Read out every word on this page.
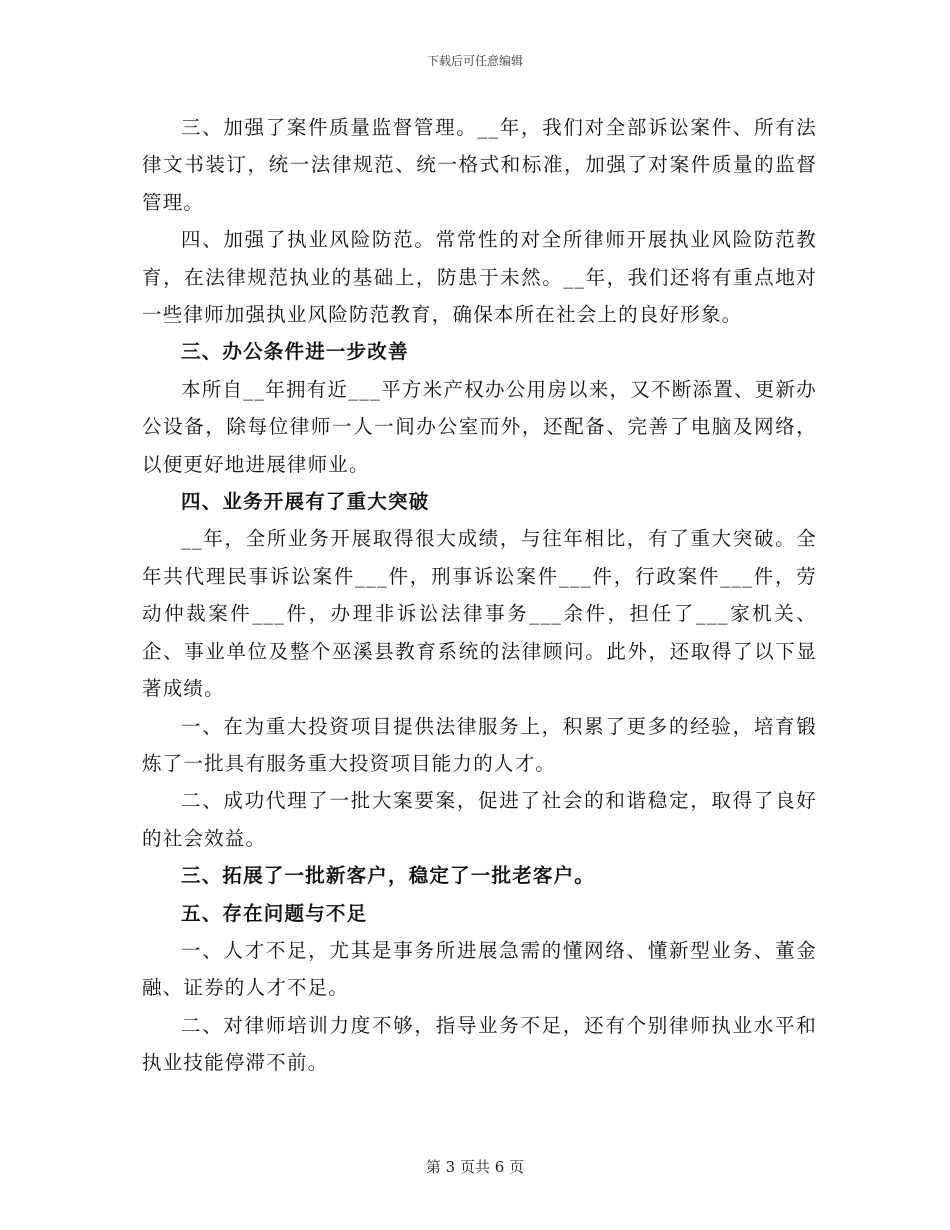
下载后可任意编辑

三、加强了案件质量监督管理。__年，我们对全部诉讼案件、所有法律文书装订，统一法律规范、统一格式和标准，加强了对案件质量的监督管理。

四、加强了执业风险防范。常常性的对全所律师开展执业风险防范教育，在法律规范执业的基础上，防患于未然。__年，我们还将有重点地对一些律师加强执业风险防范教育，确保本所在社会上的良好形象。

三、办公条件进一步改善

本所自__年拥有近___平方米产权办公用房以来，又不断添置、更新办公设备，除每位律师一人一间办公室而外，还配备、完善了电脑及网络，以便更好地进展律师业。

四、业务开展有了重大突破

__年，全所业务开展取得很大成绩，与往年相比，有了重大突破。全年共代理民事诉讼案件___件，刑事诉讼案件___件，行政案件___件，劳动仲裁案件___件，办理非诉讼法律事务___余件，担任了___家机关、企、事业单位及整个巫溪县教育系统的法律顾问。此外，还取得了以下显著成绩。

一、在为重大投资项目提供法律服务上，积累了更多的经验，培育锻炼了一批具有服务重大投资项目能力的人才。

二、成功代理了一批大案要案，促进了社会的和谐稳定，取得了良好的社会效益。

三、拓展了一批新客户，稳定了一批老客户。

五、存在问题与不足

一、人才不足，尤其是事务所进展急需的懂网络、懂新型业务、董金融、证券的人才不足。

二、对律师培训力度不够，指导业务不足，还有个别律师执业水平和执业技能停滞不前。

第 3 页共 6 页
